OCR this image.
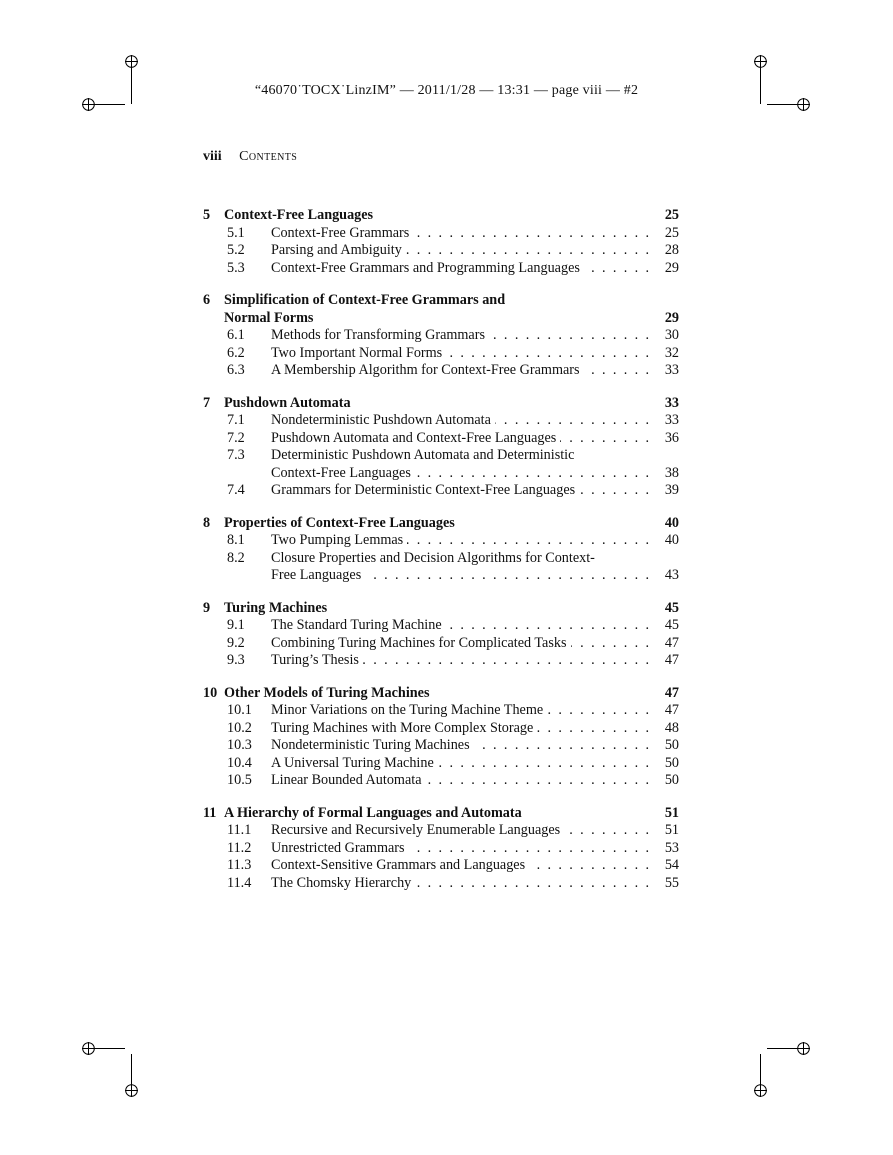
“46070˙TOCX˙LinzIM” — 2011/1/28 — 13:31 — page viii — #2
viii Contents
5 Context-Free Languages	25
5.1 Context-Free Grammars . . .	25
5.2 Parsing and Ambiguity . . .	28
5.3 Context-Free Grammars and Programming Languages . . .	29
6 Simplification of Context-Free Grammars and
Normal Forms	29
6.1 Methods for Transforming Grammars . . .	30
6.2 Two Important Normal Forms . . .	32
6.3 A Membership Algorithm for Context-Free Grammars . . .	33
7 Pushdown Automata	33
7.1 Nondeterministic Pushdown Automata . . .	33
7.2 Pushdown Automata and Context-Free Languages . . .	36
7.3 Deterministic Pushdown Automata and Deterministic
Context-Free Languages . . .	38
7.4 Grammars for Deterministic Context-Free Languages . . .	39
8 Properties of Context-Free Languages	40
8.1 Two Pumping Lemmas . . .	40
8.2 Closure Properties and Decision Algorithms for Context-
Free Languages . . .	43
9 Turing Machines	45
9.1 The Standard Turing Machine . . .	45
9.2 Combining Turing Machines for Complicated Tasks . . .	47
9.3 Turing’s Thesis . . .	47
10 Other Models of Turing Machines	47
10.1 Minor Variations on the Turing Machine Theme . . .	47
10.2 Turing Machines with More Complex Storage . . .	48
10.3 Nondeterministic Turing Machines . . .	50
10.4 A Universal Turing Machine . . .	50
10.5 Linear Bounded Automata . . .	50
11 A Hierarchy of Formal Languages and Automata	51
11.1 Recursive and Recursively Enumerable Languages . . .	51
11.2 Unrestricted Grammars . . .	53
11.3 Context-Sensitive Grammars and Languages . . .	54
11.4 The Chomsky Hierarchy . . .	55
